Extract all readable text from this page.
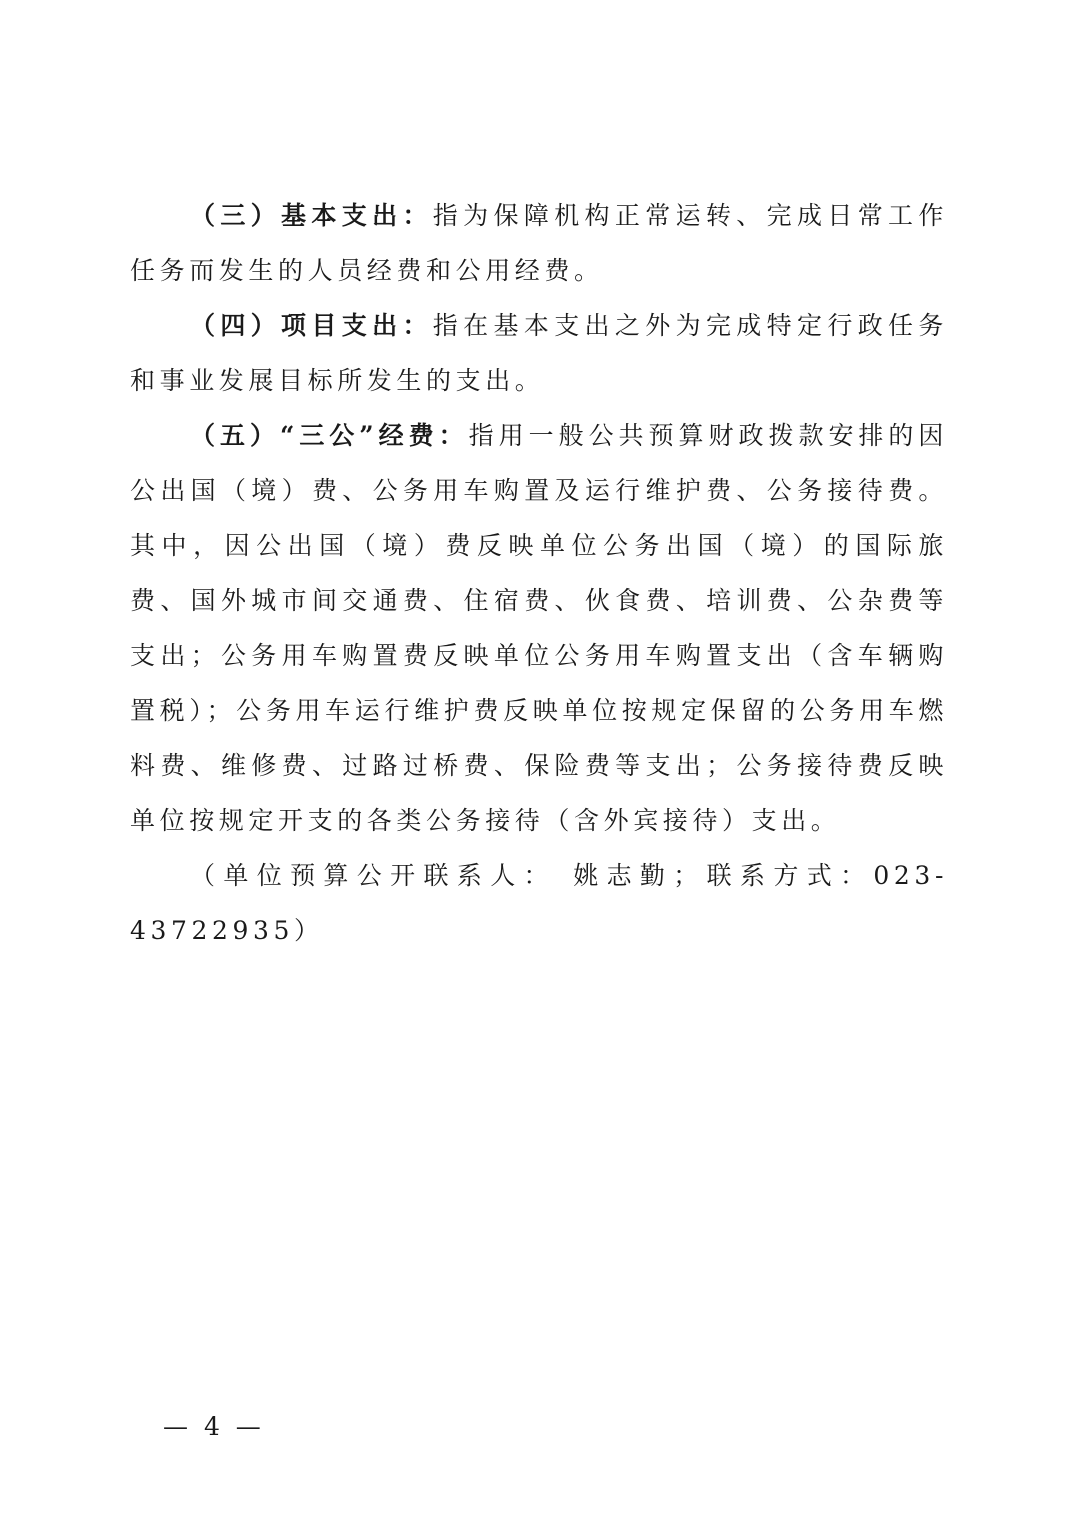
（三）基本支出：指为保障机构正常运转、完成日常工作任务而发生的人员经费和公用经费。

（四）项目支出：指在基本支出之外为完成特定行政任务和事业发展目标所发生的支出。

（五）“三公”经费：指用一般公共预算财政拨款安排的因公出国（境）费、公务用车购置及运行维护费、公务接待费。其中，因公出国（境）费反映单位公务出国（境）的国际旅费、国外城市间交通费、住宿费、伙食费、培训费、公杂费等支出；公务用车购置费反映单位公务用车购置支出（含车辆购置税）；公务用车运行维护费反映单位按规定保留的公务用车燃料费、维修费、过路过桥费、保险费等支出；公务接待费反映单位按规定开支的各类公务接待（含外宾接待）支出。

（单位预算公开联系人： 姚志勤；联系方式：023-43722935）

— 4 —
